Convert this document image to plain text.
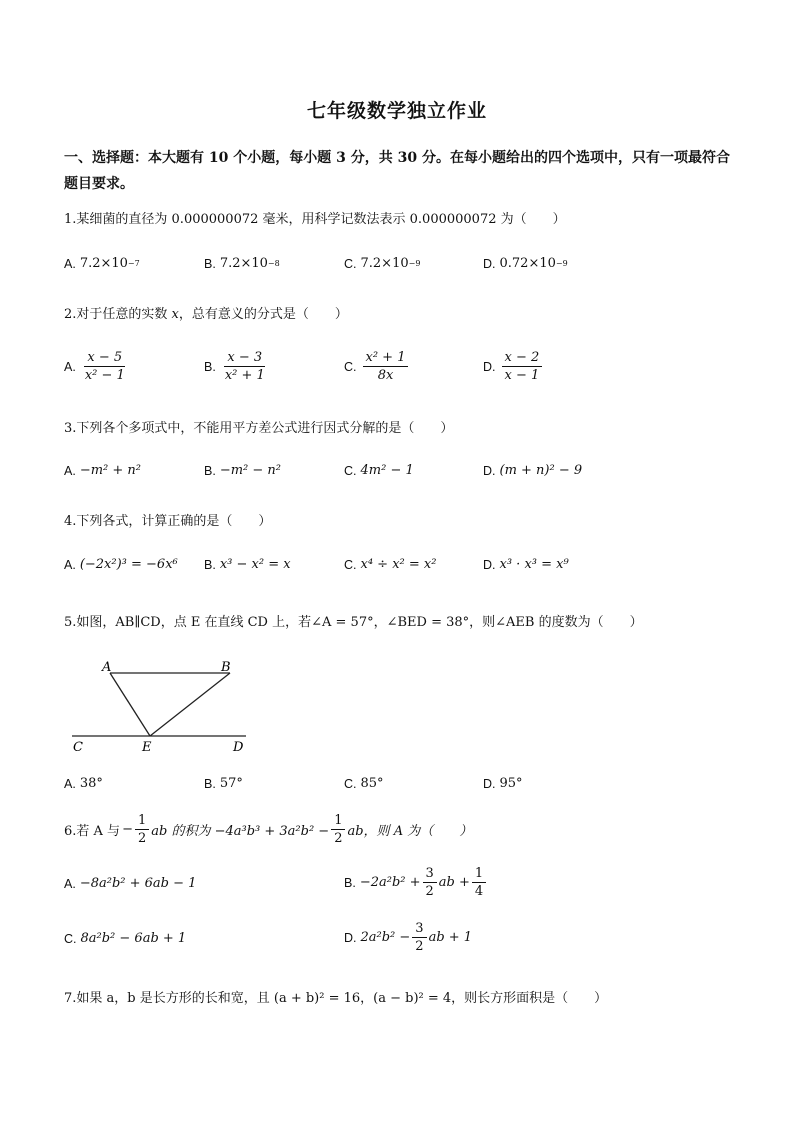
七年级数学独立作业
一、选择题：本大题有 10 个小题，每小题 3 分，共 30 分。在每小题给出的四个选项中，只有一项最符合题目要求。
1.某细菌的直径为 0.000000072 毫米，用科学记数法表示 0.000000072 为（　　）
A. 7.2×10 −7	B. 7.2×10 −8	C. 7.2×10 −9	D. 0.72×10 −9
2.对于任意的实数 x，总有意义的分式是（　　）
A. $\frac{x - 5}{\text{x² − 1}}$	B. $\frac{x - 3}{\text{x² + 1}}$	C. $\frac{\text{x² + 1}}{8x}$	D. $\frac{x - 2}{x - 1}$
3.下列各个多项式中，不能用平方差公式进行因式分解的是（　　）
A. −m² + n²	B. −m² − n²	C. 4m² − 1	D. (m + n)² − 9
4.下列各式，计算正确的是（　　）
A. (−2x²)³ = −6x⁶ B. x³ − x² = x	C. x⁴ ÷ x² = x²	D. x³ · x³ = x⁹
5.如图，AB∥CD，点 E 在直线 CD 上，若∠A = 57°，∠BED = 38°，则∠AEB 的度数为（　　）
A	B
C	E	D
A. 38°	B. 57°	C. 85°	D. 95°
6.若 A 与 − $\frac{1}{2}$ ab 的积为 $-4a^3b^3 + 3a^2b^2 - \frac{1}{2}$ ab，则 A 为（　　）
A. −8a²b² + 6ab − 1	B. $-2a^2b^2 + \frac{3}{2}$ ab + $\frac{1}{4}$
C. 8a²b² − 6ab + 1	D. $2a^2b^2 - \frac{3}{2}$ ab + 1
7.如果 a，b 是长方形的长和宽，且 (a + b)² = 16，(a − b)² = 4，则长方形面积是（　　）
